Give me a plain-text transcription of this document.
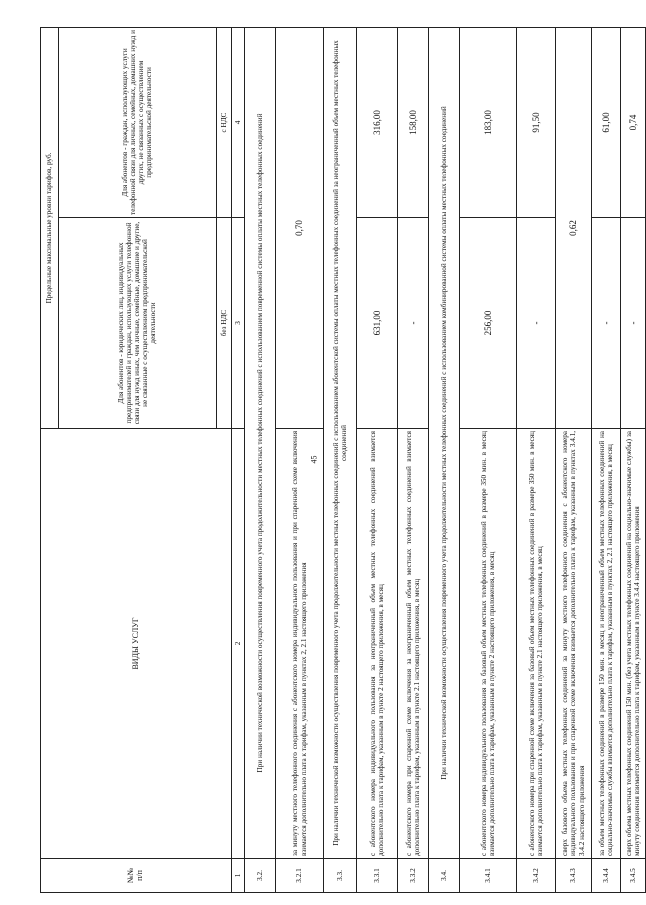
45
№№
п/п	ВИДЫ УСЛУГ	Предельные максимальные уровни тарифов, руб.	
		Для абонентов - юридических лиц, индивидуальных предпринимателей и граждан, использующих услуги телефонной связи для нужд иных, чем личные, семейные, домашние и другие, не связанные с осуществлением предпринимательской деятельности	Для абонентов - граждан, использующих услуги телефонной связи для личных, семейных, домашних нужд и других, не связанных с осуществлением предпринимательской деятельности
		без НДС	с НДС
1	2	3	4
3.2.	При наличии технической возможности осуществления повременного учета продолжительности местных телефонных соединений с использованием повременной системы оплаты местных телефонных соединений		
3.2.1	за минуту местного телефонного соединения с абонентского номера индивидуального пользования и при спаренной схеме включения взимается дополнительно плата к тарифам, указанным в пунктах 2, 2.1 настоящего приложения	0,70	
3.3.	При наличии технической возможности осуществления повременного учета продолжительности местных телефонных соединений с использованием абонентской системы оплаты местных телефонных соединений за неограниченный объем местных телефонных соединений		
3.3.1	с абонентского номера индивидуального пользования за неограниченный объем местных телефонных соединений взимается дополнительно плата к тарифам, указанным в пункте 2 настоящего приложения, в месяц	631,00	316,00
3.3.2	с абонентского номера при спаренной схеме включения за неограниченный объем местных телефонных соединений взимается дополнительно плата к тарифам, указанным в пункте 2.1 настоящего приложения, в месяц	-	158,00
3.4.	При наличии технической возможности осуществления повременного учета продолжительности местных телефонных соединений с использованием комбинированной системы оплаты местных телефонных соединений		
3.4.1	с абонентского номера индивидуального пользования за базовый объем местных телефонных соединений в размере 350 мин. в месяц взимается дополнительно плата к тарифам, указанным в пункте 2 настоящего приложения, в месяц	256,00	183,00
3.4.2	с абонентского номера при спаренной схеме включения за базовый объем местных телефонных соединений в размере 350 мин. в месяц взимается дополнительно плата к тарифам, указанным в пункте 2.1 настоящего приложения, в месяц	-	91,50
3.4.3	сверх базового объема местных телефонных соединений за минуту местного телефонного соединения с абонентского номера индивидуального пользования и при спаренной схеме включения взимается дополнительно плата к тарифам, указанным в пунктах 3.4.1, 3.4.2 настоящего приложения	0,62	
3.4.4	за объем местных телефонных соединений в размере 150 мин. в месяц и неограниченный объем местных телефонных соединений на социально-значимые службы взимается дополнительно плата к тарифам, указанным в пунктах 2, 2.1 настоящего приложения, в месяц	-	61,00
3.4.5	сверх объема местных телефонных соединений 150 мин. (без учета местных телефонных соединений на социально-значимые службы) за минуту соединения взимается дополнительно плата к тарифам, указанным в пункте 3.4.4 настоящего приложения	-	0,74
